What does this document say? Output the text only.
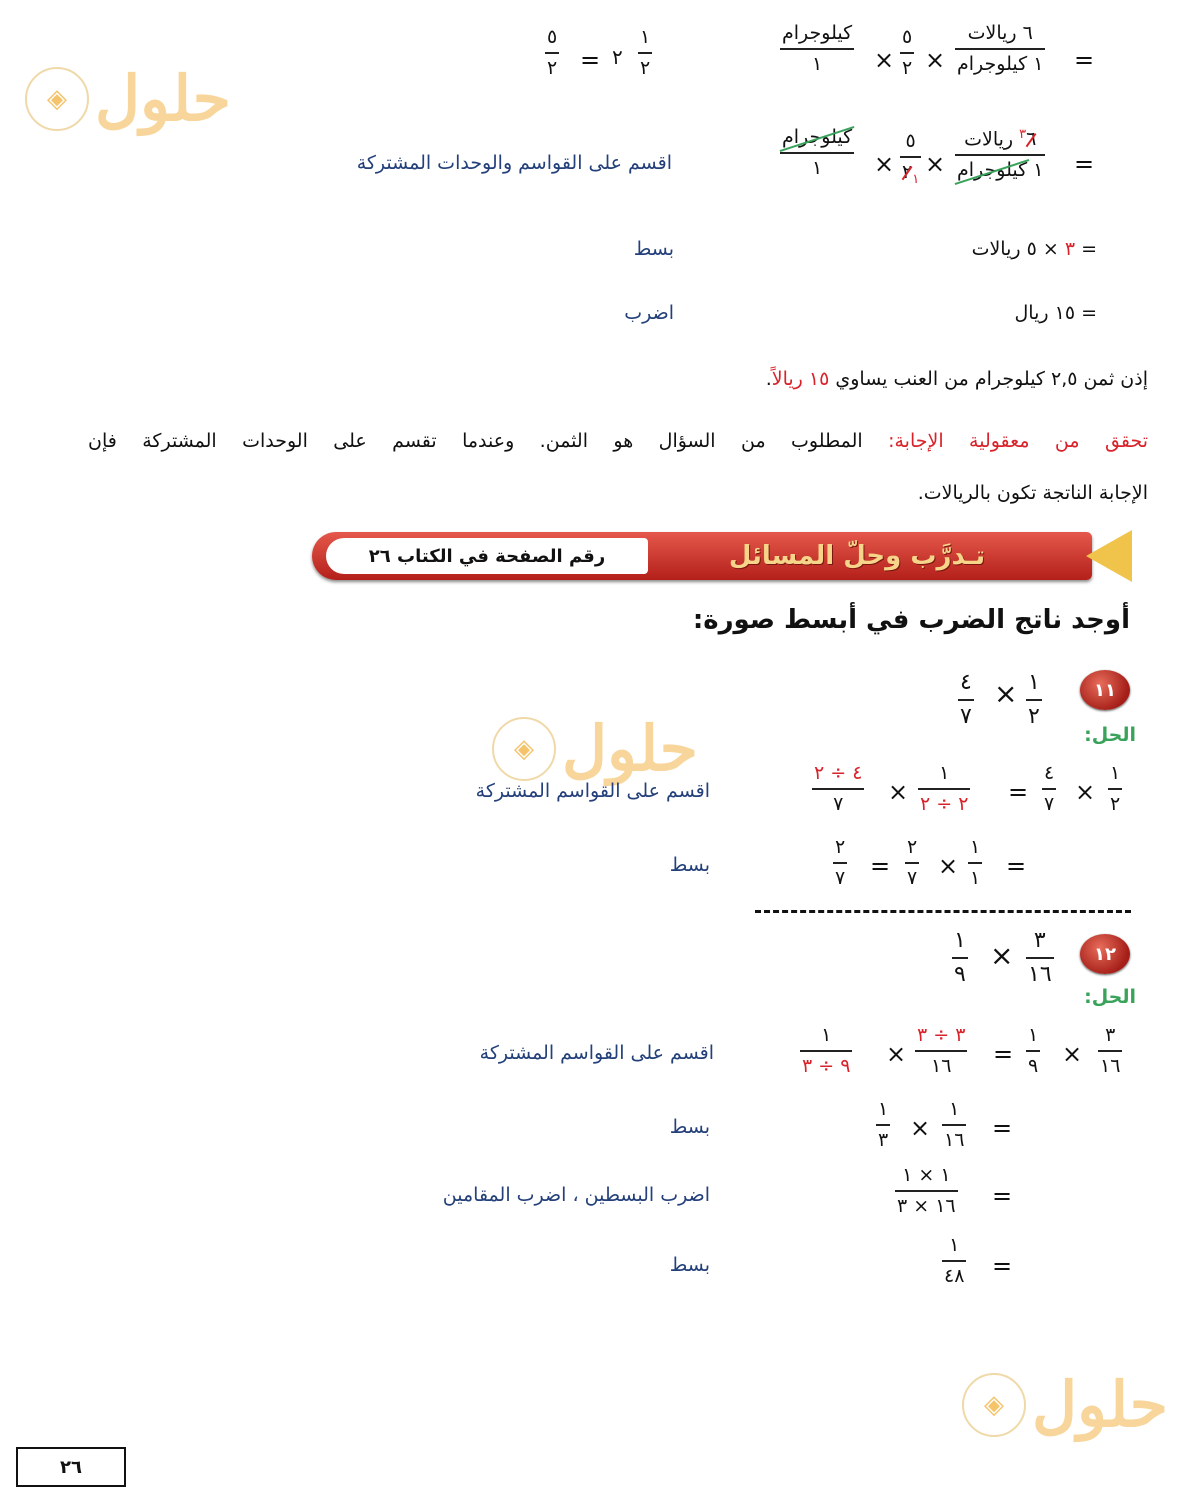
◈ حلول
◈ حلول
◈ حلول
=
٦ ريالات
١ كيلوجرام
×
٥
٢
×
كيلوجرام
١
٥
٢ = ٢
١
٢
=
$٦^٣$ ريالات
١ كيلوجرام
×
٥
$٢_١$
×
كيلوجرام
١
اقسم على القواسم والوحدات المشتركة
= ٣ × ٥ ريالات
بسط
= ١٥ ريال
اضرب
إذن ثمن ٢,٥ كيلوجرام من العنب يساوي ١٥ ريالاً.
تحقق من معقولية الإجابة: المطلوب من السؤال هو الثمن. وعندما تقسم على الوحدات المشتركة فإن
الإجابة الناتجة تكون بالريالات.
رقم الصفحة في الكتاب ٢٦	تـدرَّب وحلّ المسائل
أوجد ناتج الضرب في أبسط صورة:
١١
١
٢
×
٤
٧
الحل:
١
٢
×
٤
٧
=
١
٢ ÷ ٢
×
٤ ÷ ٢
٧
اقسم على القواسم المشتركة
=
١
١
×
٢
٧
=
٢
٧
بسط
١٢
٣
١٦
×
١
٩
الحل:
٣
١٦
×
١
٩
=
٣ ÷ ٣
١٦
×
١
٩ ÷ ٣
اقسم على القواسم المشتركة
=
١
١٦
×
١
٣
بسط
=
١ × ١
١٦ × ٣
اضرب البسطين ، اضرب المقامين
=
١
٤٨
بسط
٢٦
